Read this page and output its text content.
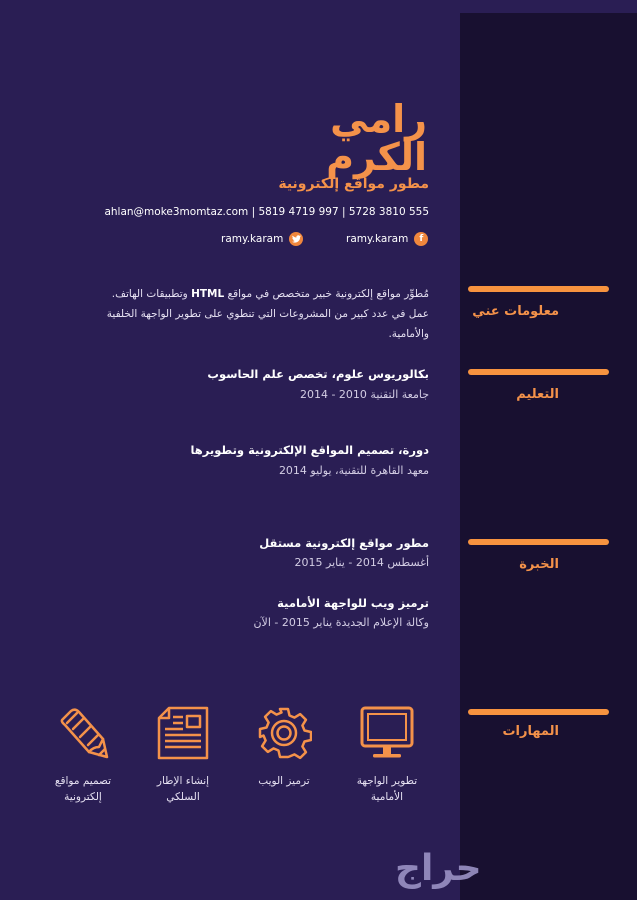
رامي
الكرم
مطور مواقع إلكترونية
ahlan@moke3momtaz.com | 5819 4719 997 | 5728 3810 555
ramy.karam f
ramy.karam
معلومات عني
مُطوِّر مواقع إلكترونية خبير متخصص في مواقع HTML وتطبيقات الهاتف. عمل في عدد كبير من المشروعات التي تنطوي على تطوير الواجهة الخلفية والأمامية.
التعليم
بكالوريوس علوم، تخصص علم الحاسوب
جامعة التقنية 2010 - 2014
دورة، تصميم المواقع الإلكترونية وتطويرها
معهد القاهرة للتقنية، يوليو 2014
الخبرة
مطور مواقع إلكترونية مستقل
أغسطس 2014 - يناير 2015
ترميز ويب للواجهة الأمامية
وكالة الإعلام الجديدة يناير 2015 - الآن
المهارات
تطوير الواجهة
الأمامية
ترميز الويب
إنشاء الإطار
السلكي
تصميم مواقع
إلكترونية
حراج
